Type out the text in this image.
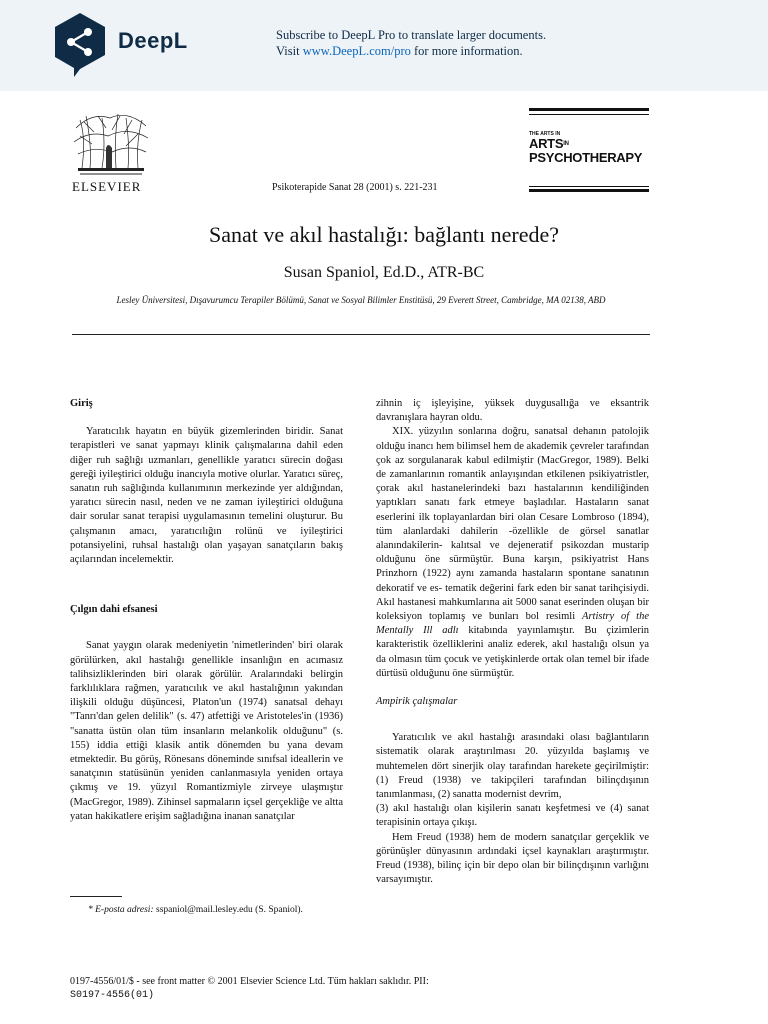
DeepL	Subscribe to DeepL Pro to translate larger documents.
Visit www.DeepL.com/pro for more information.
ELSEVIER	Psikoterapide Sanat 28 (2001) s. 221-231
THE ARTS IN
$ARTS^{IN}$
PSYCHOTHERAPY
Sanat ve akıl hastalığı: bağlantı nerede?
Susan Spaniol, Ed.D., ATR-BC
Lesley Üniversitesi, Dışavurumcu Terapiler Bölümü, Sanat ve Sosyal Bilimler Enstitüsü, 29 Everett Street, Cambridge, MA 02138, ABD
Giriş

Yaratıcılık hayatın en büyük gizemlerinden biridir. Sanat terapistleri ve sanat yapmayı klinik çalışmalarına dahil eden diğer ruh sağlığı uzmanları, genellikle yaratıcı sürecin doğası gereği iyileştirici olduğu inancıyla motive olurlar. Yaratıcı süreç, sanatın ruh sağlığında kullanımının merkezinde yer aldığından, yaratıcı sürecin nasıl, neden ve ne zaman iyileştirici olduğuna dair sorular sanat terapisi uygulamasının temelini oluşturur. Bu çalışmanın amacı, yaratıcılığın rolünü ve iyileştirici potansiyelini, ruhsal hastalığı olan yaşayan sanatçıların bakış açılarından incelemektir.

Çılgın dahi efsanesi

Sanat yaygın olarak medeniyetin 'nimetlerinden' biri olarak görülürken, akıl hastalığı genellikle insanlığın en acımasız talihsizliklerinden biri olarak görülür. Aralarındaki belirgin farklılıklara rağmen, yaratıcılık ve akıl hastalığının yakından ilişkili olduğu düşüncesi, Platon'un (1974) sanatsal dehayı "Tanrı'dan gelen delilik" (s. 47) atfettiği ve Aristoteles'in (1936) "sanatta üstün olan tüm insanların melankolik olduğunu" (s. 155) iddia ettiği klasik antik dönemden bu yana devam etmektedir. Bu görüş, Rönesans döneminde sınıfsal ideallerin ve sanatçının statüsünün yeniden canlanmasıyla yeniden ortaya çıkmış ve 19. yüzyıl Romantizmiyle zirveye ulaşmıştır (MacGregor, 1989). Zihinsel sapmaların içsel gerçekliğe ve altta yatan hakikatlere erişim sağladığına inanan sanatçılar

* E-posta adresi: sspaniol@mail.lesley.edu (S. Spaniol).

zihnin iç işleyişine, yüksek duygusallığa ve eksantrik davranışlara hayran oldu.

XIX. yüzyılın sonlarına doğru, sanatsal dehanın patolojik olduğu inancı hem bilimsel hem de akademik çevreler tarafından çok az sorgulanarak kabul edilmiştir (MacGregor, 1989). Belki de zamanlarının romantik anlayışından etkilenen psikiyatristler, çorak akıl hastanelerindeki bazı hastalarının kendiliğinden yaptıkları sanatı fark etmeye başladılar. Hastaların sanat eserlerini ilk toplayanlardan biri olan Cesare Lombroso (1894), tüm alanlardaki dahilerin -özellikle de görsel sanatlar alanındakilerin- kalıtsal ve dejeneratif psikozdan mustarip olduğunu öne sürmüştür. Buna karşın, psikiyatrist Hans Prinzhorn (1922) aynı zamanda hastaların spontane sanatının dekoratif ve es- tematik değerini fark eden bir sanat tarihçisiydi. Akıl hastanesi mahkumlarına ait 5000 sanat eserinden oluşan bir koleksiyon toplamış ve bunları bol resimli Artistry of the Mentally Ill adlı kitabında yayınlamıştır. Bu çizimlerin karakteristik özelliklerini analiz ederek, akıl hastalığı olsun ya da olmasın tüm çocuk ve yetişkinlerde ortak olan temel bir ifade dürtüsü olduğunu öne sürmüştür.

Ampirik çalışmalar

Yaratıcılık ve akıl hastalığı arasındaki olası bağlantıların sistematik olarak araştırılması 20. yüzyılda başlamış ve muhtemelen dört sinerjik olay tarafından harekete geçirilmiştir: (1) Freud (1938) ve takipçileri tarafından bilinçdışının tanımlanması, (2) sanatta modernist devrim,

(3) akıl hastalığı olan kişilerin sanatı keşfetmesi ve (4) sanat terapisinin ortaya çıkışı.

Hem Freud (1938) hem de modern sanatçılar gerçeklik ve görünüşler dünyasının ardındaki içsel kaynakları araştırmıştır. Freud (1938), bilinç için bir depo olan bir bilinçdışının varlığını varsayımıştır.

0197-4556/01/$ - see front matter © 2001 Elsevier Science Ltd. Tüm hakları saklıdır. PII:
S0197-4556(01)
